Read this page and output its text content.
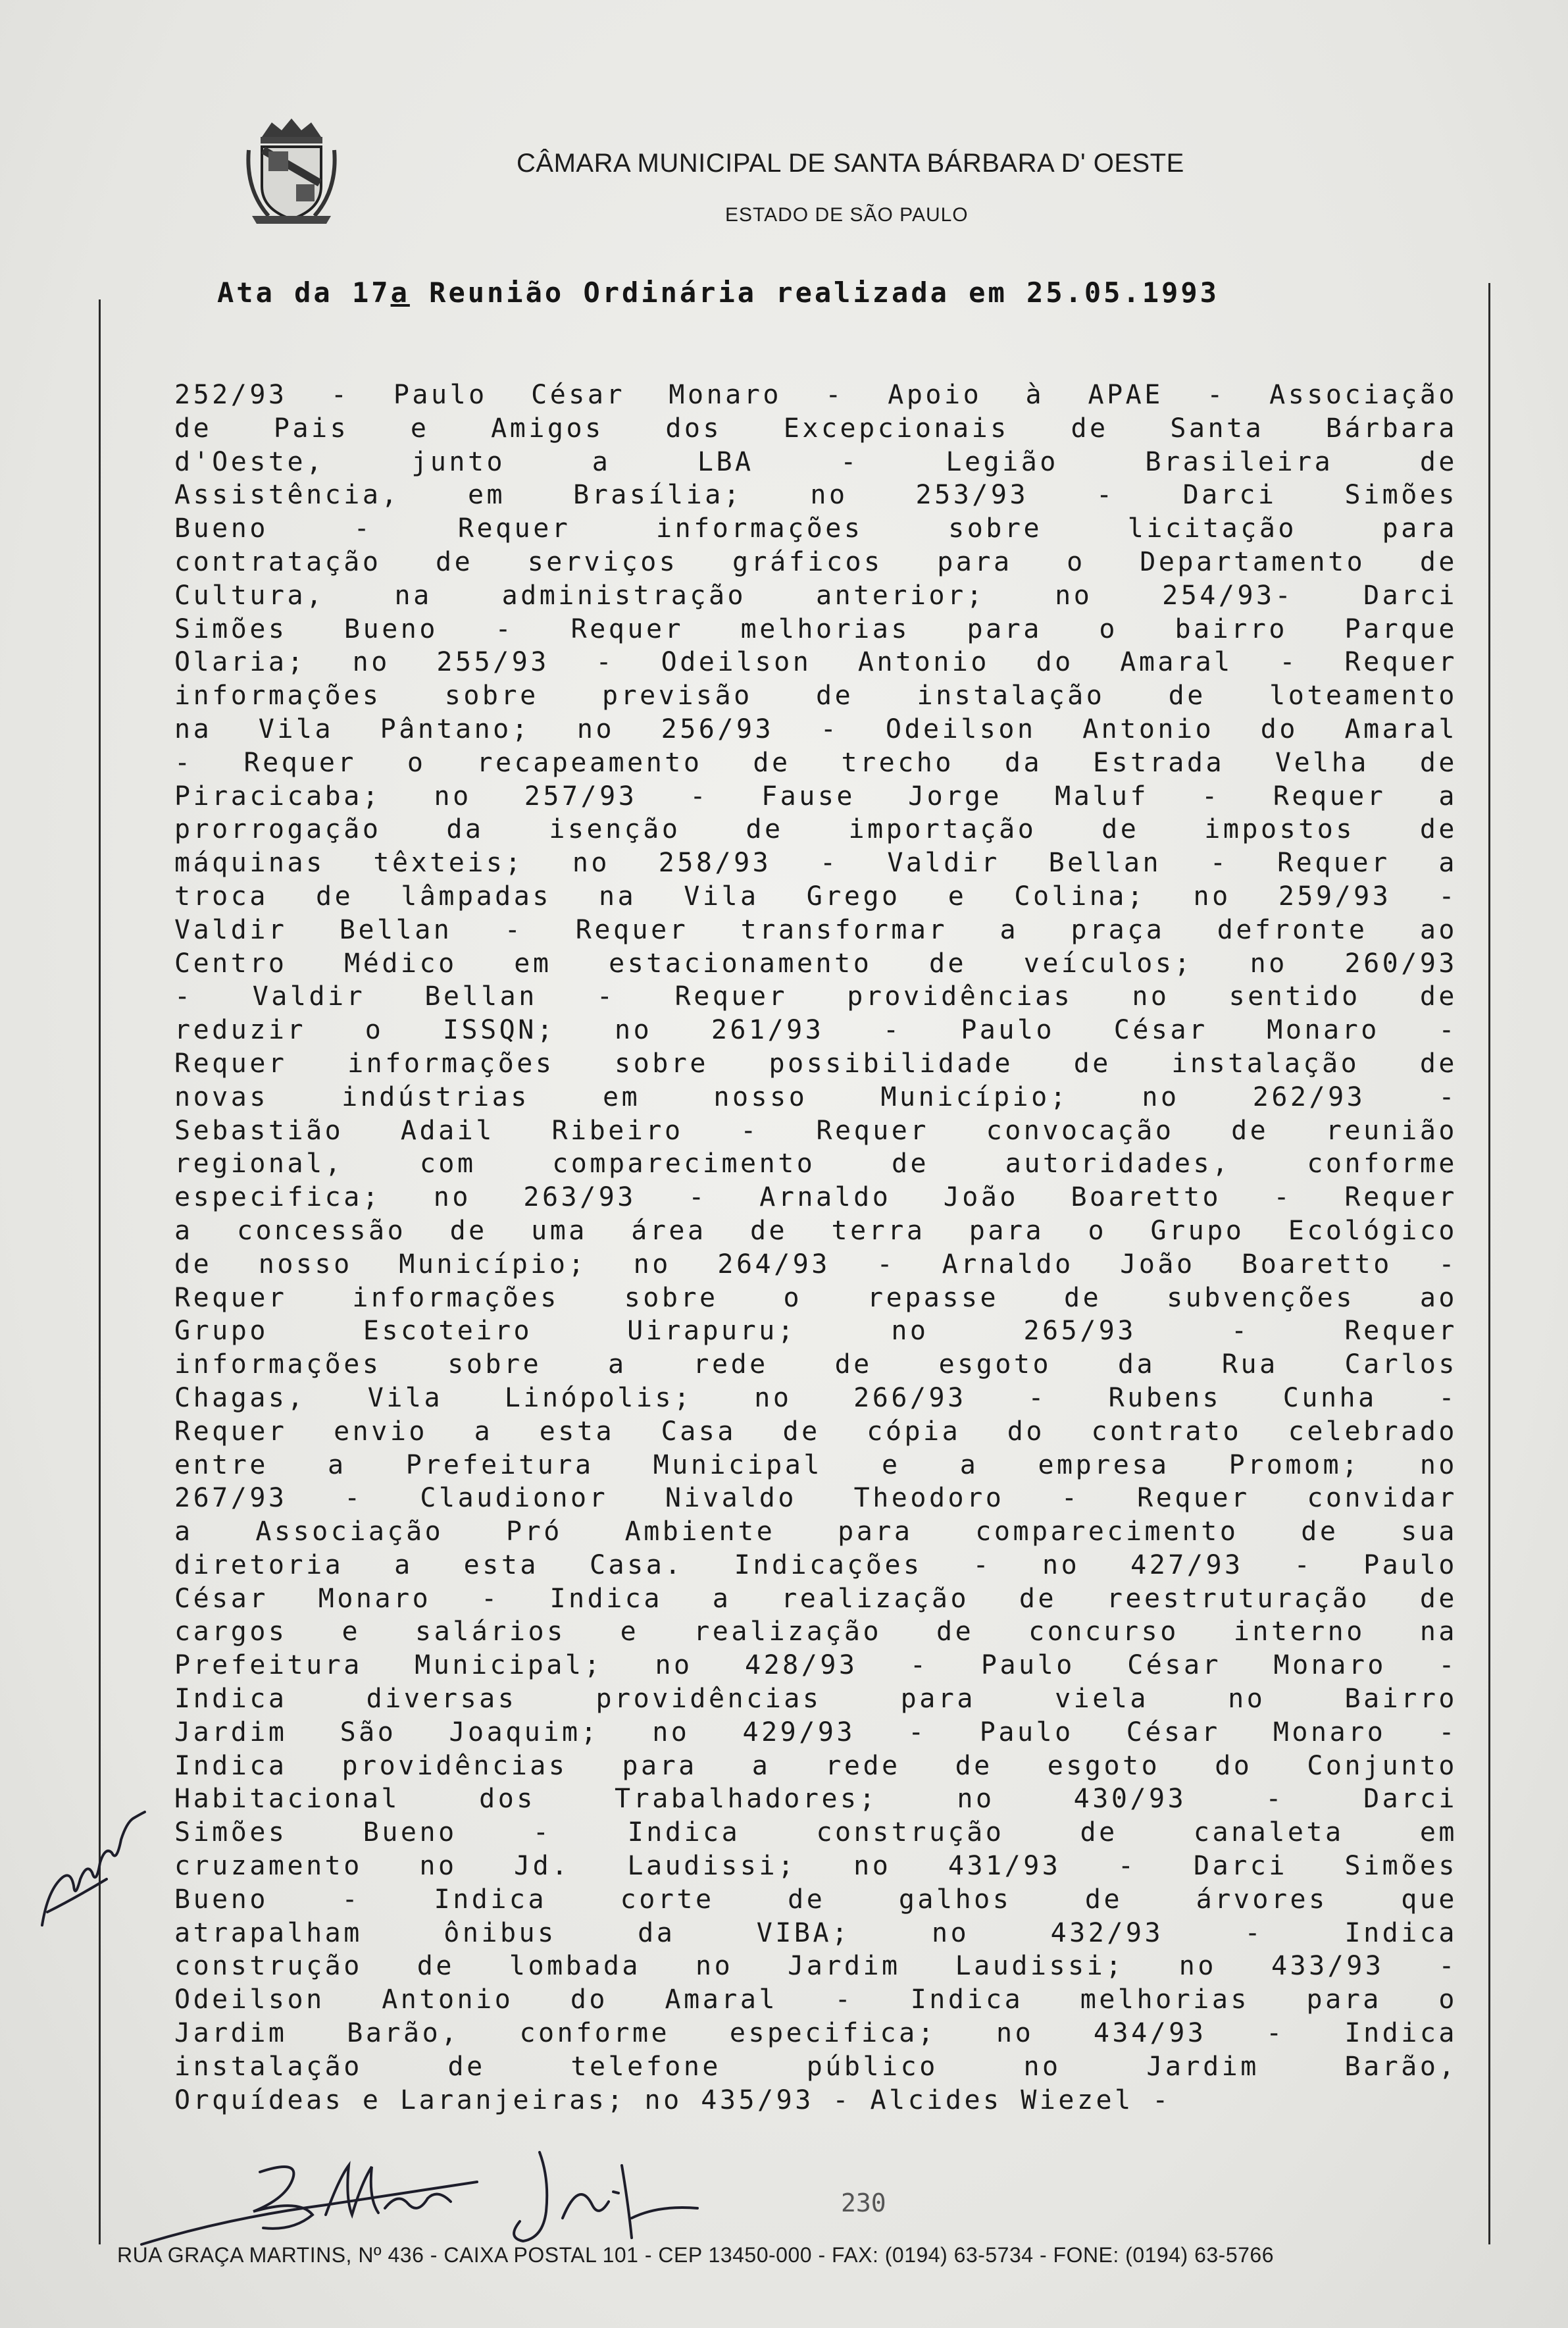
CÂMARA MUNICIPAL DE SANTA BÁRBARA D' OESTE
ESTADO DE SÃO PAULO
Ata da 17a Reunião Ordinária realizada em 25.05.1993
252/93 - Paulo César Monaro - Apoio à APAE - Associação
de Pais e Amigos dos Excepcionais de Santa Bárbara
d'Oeste, junto a LBA - Legião Brasileira de
Assistência, em Brasília; no 253/93 - Darci Simões
Bueno - Requer informações sobre licitação para
contratação de serviços gráficos para o Departamento de
Cultura, na administração anterior; no 254/93- Darci
Simões Bueno - Requer melhorias para o bairro Parque
Olaria; no 255/93 - Odeilson Antonio do Amaral - Requer
informações sobre previsão de instalação de loteamento
na Vila Pântano; no 256/93 - Odeilson Antonio do Amaral
- Requer o recapeamento de trecho da Estrada Velha de
Piracicaba; no 257/93 - Fause Jorge Maluf - Requer a
prorrogação da isenção de importação de impostos de
máquinas têxteis; no 258/93 - Valdir Bellan - Requer a
troca de lâmpadas na Vila Grego e Colina; no 259/93 -
Valdir Bellan - Requer transformar a praça defronte ao
Centro Médico em estacionamento de veículos; no 260/93
- Valdir Bellan - Requer providências no sentido de
reduzir o ISSQN; no 261/93 - Paulo César Monaro -
Requer informações sobre possibilidade de instalação de
novas indústrias em nosso Município; no 262/93 -
Sebastião Adail Ribeiro - Requer convocação de reunião
regional, com comparecimento de autoridades, conforme
especifica; no 263/93 - Arnaldo João Boaretto - Requer
a concessão de uma área de terra para o Grupo Ecológico
de nosso Município; no 264/93 - Arnaldo João Boaretto -
Requer informações sobre o repasse de subvenções ao
Grupo Escoteiro Uirapuru; no 265/93 - Requer
informações sobre a rede de esgoto da Rua Carlos
Chagas, Vila Linópolis; no 266/93 - Rubens Cunha -
Requer envio a esta Casa de cópia do contrato celebrado
entre a Prefeitura Municipal e a empresa Promom; no
267/93 - Claudionor Nivaldo Theodoro - Requer convidar
a Associação Pró Ambiente para comparecimento de sua
diretoria a esta Casa. Indicações - no 427/93 - Paulo
César Monaro - Indica a realização de reestruturação de
cargos e salários e realização de concurso interno na
Prefeitura Municipal; no 428/93 - Paulo César Monaro -
Indica diversas providências para viela no Bairro
Jardim São Joaquim; no 429/93 - Paulo César Monaro -
Indica providências para a rede de esgoto do Conjunto
Habitacional dos Trabalhadores; no 430/93 - Darci
Simões Bueno - Indica construção de canaleta em
cruzamento no Jd. Laudissi; no 431/93 - Darci Simões
Bueno - Indica corte de galhos de árvores que
atrapalham ônibus da VIBA; no 432/93 - Indica
construção de lombada no Jardim Laudissi; no 433/93 -
Odeilson Antonio do Amaral - Indica melhorias para o
Jardim Barão, conforme especifica; no 434/93 - Indica
instalação de telefone público no Jardim Barão,
Orquídeas e Laranjeiras; no 435/93 - Alcides Wiezel -
230
RUA GRAÇA MARTINS, Nº 436 - CAIXA POSTAL 101 - CEP 13450-000 - FAX: (0194) 63-5734 - FONE: (0194) 63-5766
